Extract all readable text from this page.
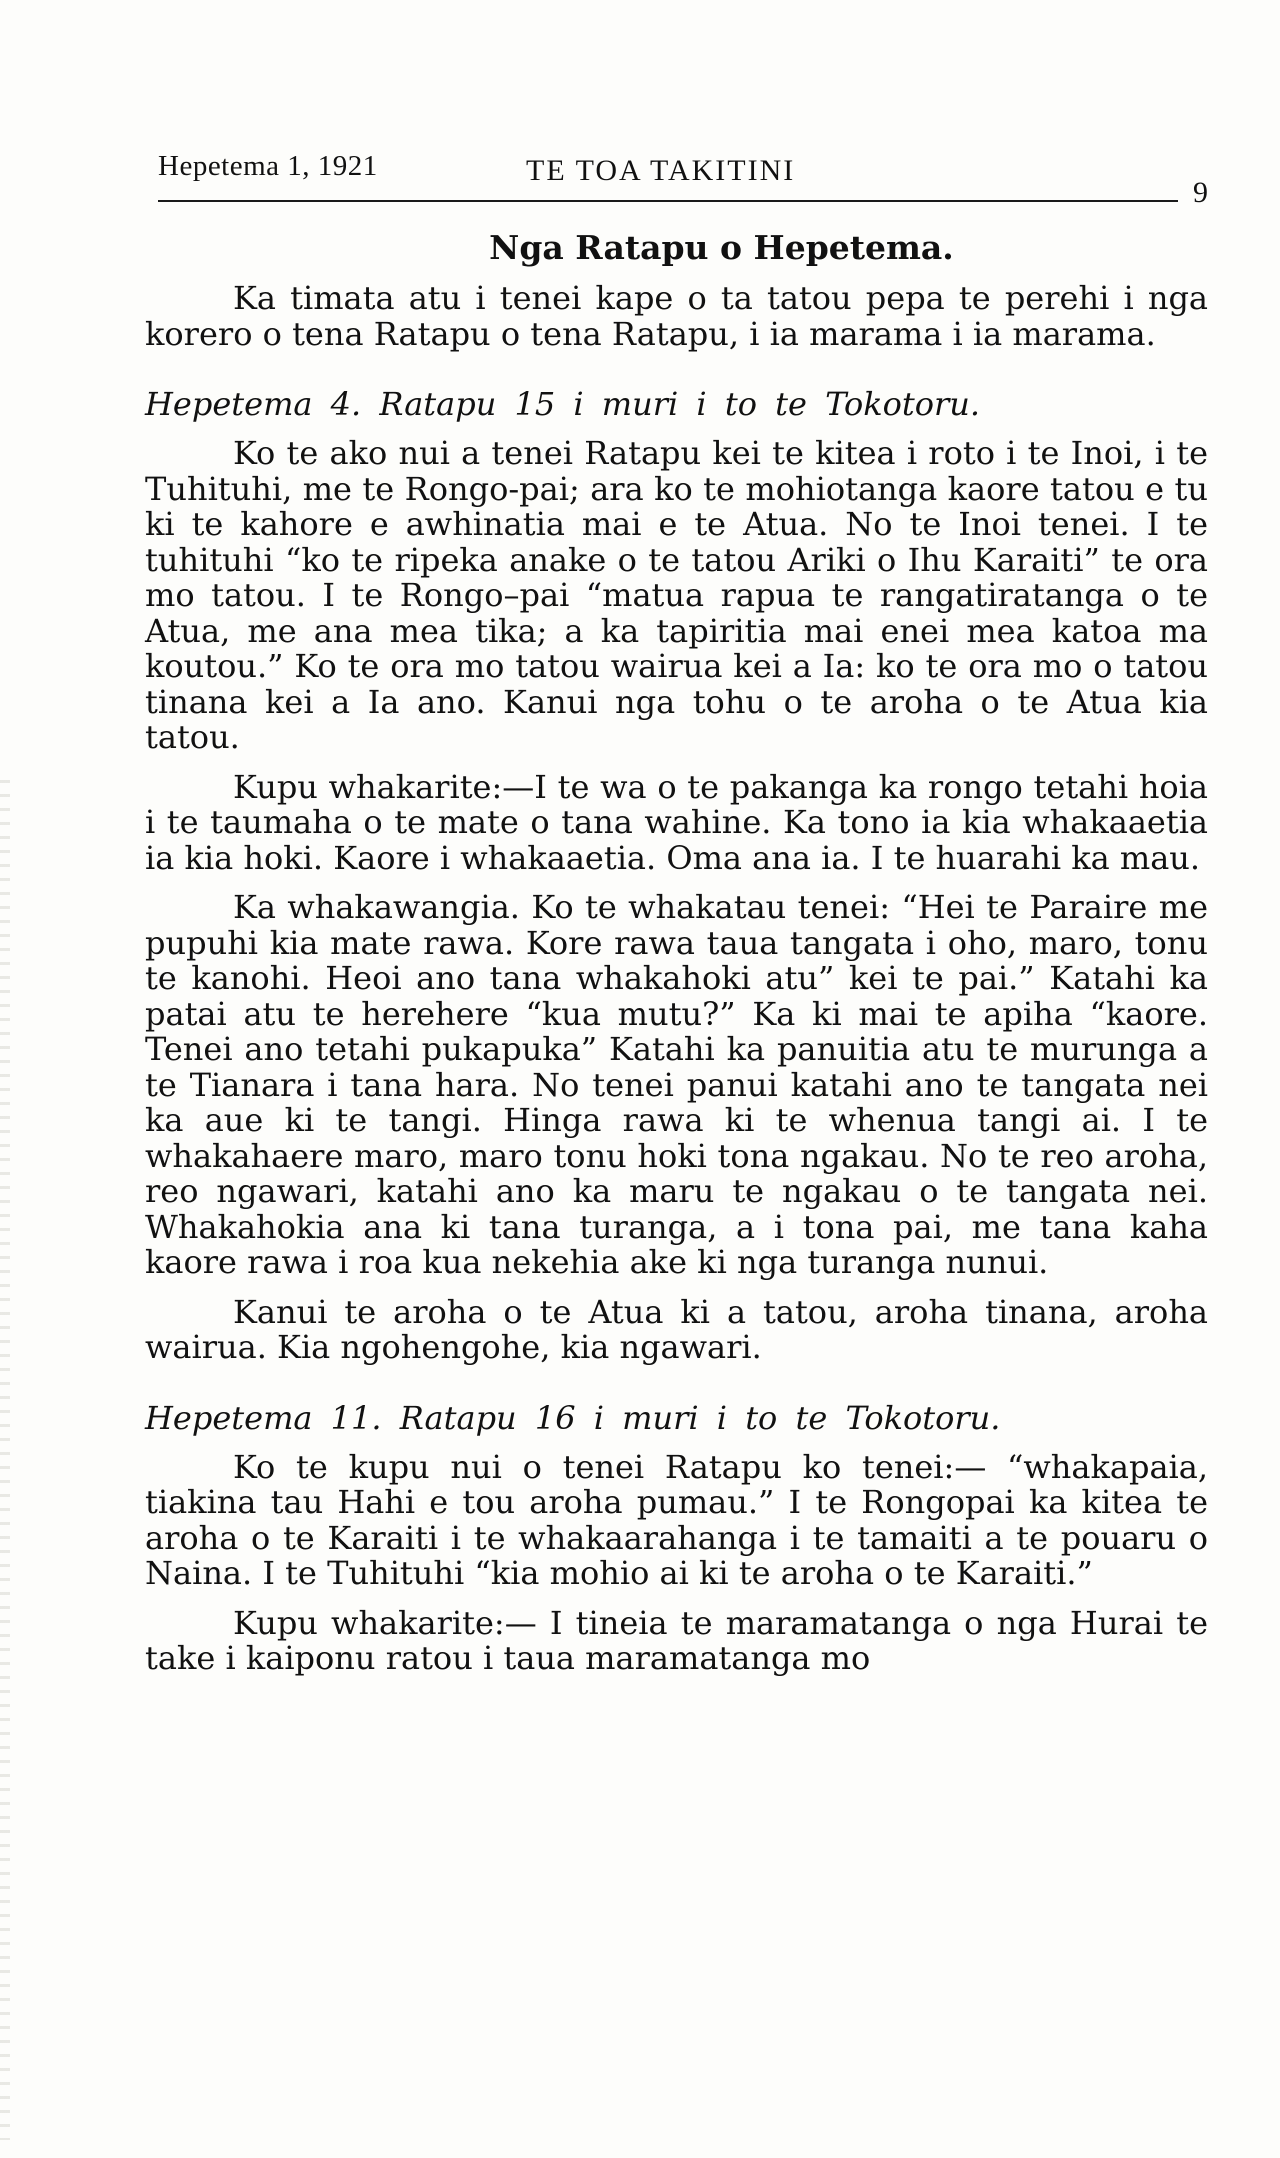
Hepetema 1, 1921	TE TOA TAKITINI
9
Nga Ratapu o Hepetema.

Ka timata atu i tenei kape o ta tatou pepa te perehi i nga korero o tena Ratapu o tena Ratapu, i ia marama i ia marama.

Hepetema 4. Ratapu 15 i muri i to te Tokotoru.

Ko te ako nui a tenei Ratapu kei te kitea i roto i te Inoi, i te Tuhituhi, me te Rongo-pai; ara ko te mohiotanga kaore tatou e tu ki te kahore e awhinatia mai e te Atua. No te Inoi tenei. I te tuhituhi “ko te ripeka anake o te tatou Ariki o Ihu Karaiti” te ora mo tatou. I te Rongo–pai “matua rapua te rangatiratanga o te Atua, me ana mea tika; a ka tapiritia mai enei mea katoa ma koutou.” Ko te ora mo tatou wairua kei a Ia: ko te ora mo o tatou tinana kei a Ia ano. Kanui nga tohu o te aroha o te Atua kia tatou.

Kupu whakarite:—I te wa o te pakanga ka rongo tetahi hoia i te taumaha o te mate o tana wahine. Ka tono ia kia whakaaetia ia kia hoki. Kaore i whakaaetia. Oma ana ia. I te huarahi ka mau.

Ka whakawangia. Ko te whakatau tenei: “Hei te Paraire me pupuhi kia mate rawa. Kore rawa taua tangata i oho, maro, tonu te kanohi. Heoi ano tana whakahoki atu” kei te pai.” Katahi ka patai atu te herehere “kua mutu?” Ka ki mai te apiha “kaore. Tenei ano tetahi pukapuka” Katahi ka panuitia atu te murunga a te Tianara i tana hara. No tenei panui katahi ano te tangata nei ka aue ki te tangi. Hinga rawa ki te whenua tangi ai. I te whakahaere maro, maro tonu hoki tona ngakau. No te reo aroha, reo ngawari, katahi ano ka maru te ngakau o te tangata nei. Whakahokia ana ki tana turanga, a i tona pai, me tana kaha kaore rawa i roa kua nekehia ake ki nga turanga nunui.

Kanui te aroha o te Atua ki a tatou, aroha tinana, aroha wairua. Kia ngohengohe, kia ngawari.

Hepetema 11. Ratapu 16 i muri i to te Tokotoru.

Ko te kupu nui o tenei Ratapu ko tenei:— “whakapaia, tiakina tau Hahi e tou aroha pumau.” I te Rongopai ka kitea te aroha o te Karaiti i te whakaarahanga i te tamaiti a te pouaru o Naina. I te Tuhituhi “kia mohio ai ki te aroha o te Karaiti.”

Kupu whakarite:— I tineia te maramatanga o nga Hurai te take i kaiponu ratou i taua maramatanga mo
